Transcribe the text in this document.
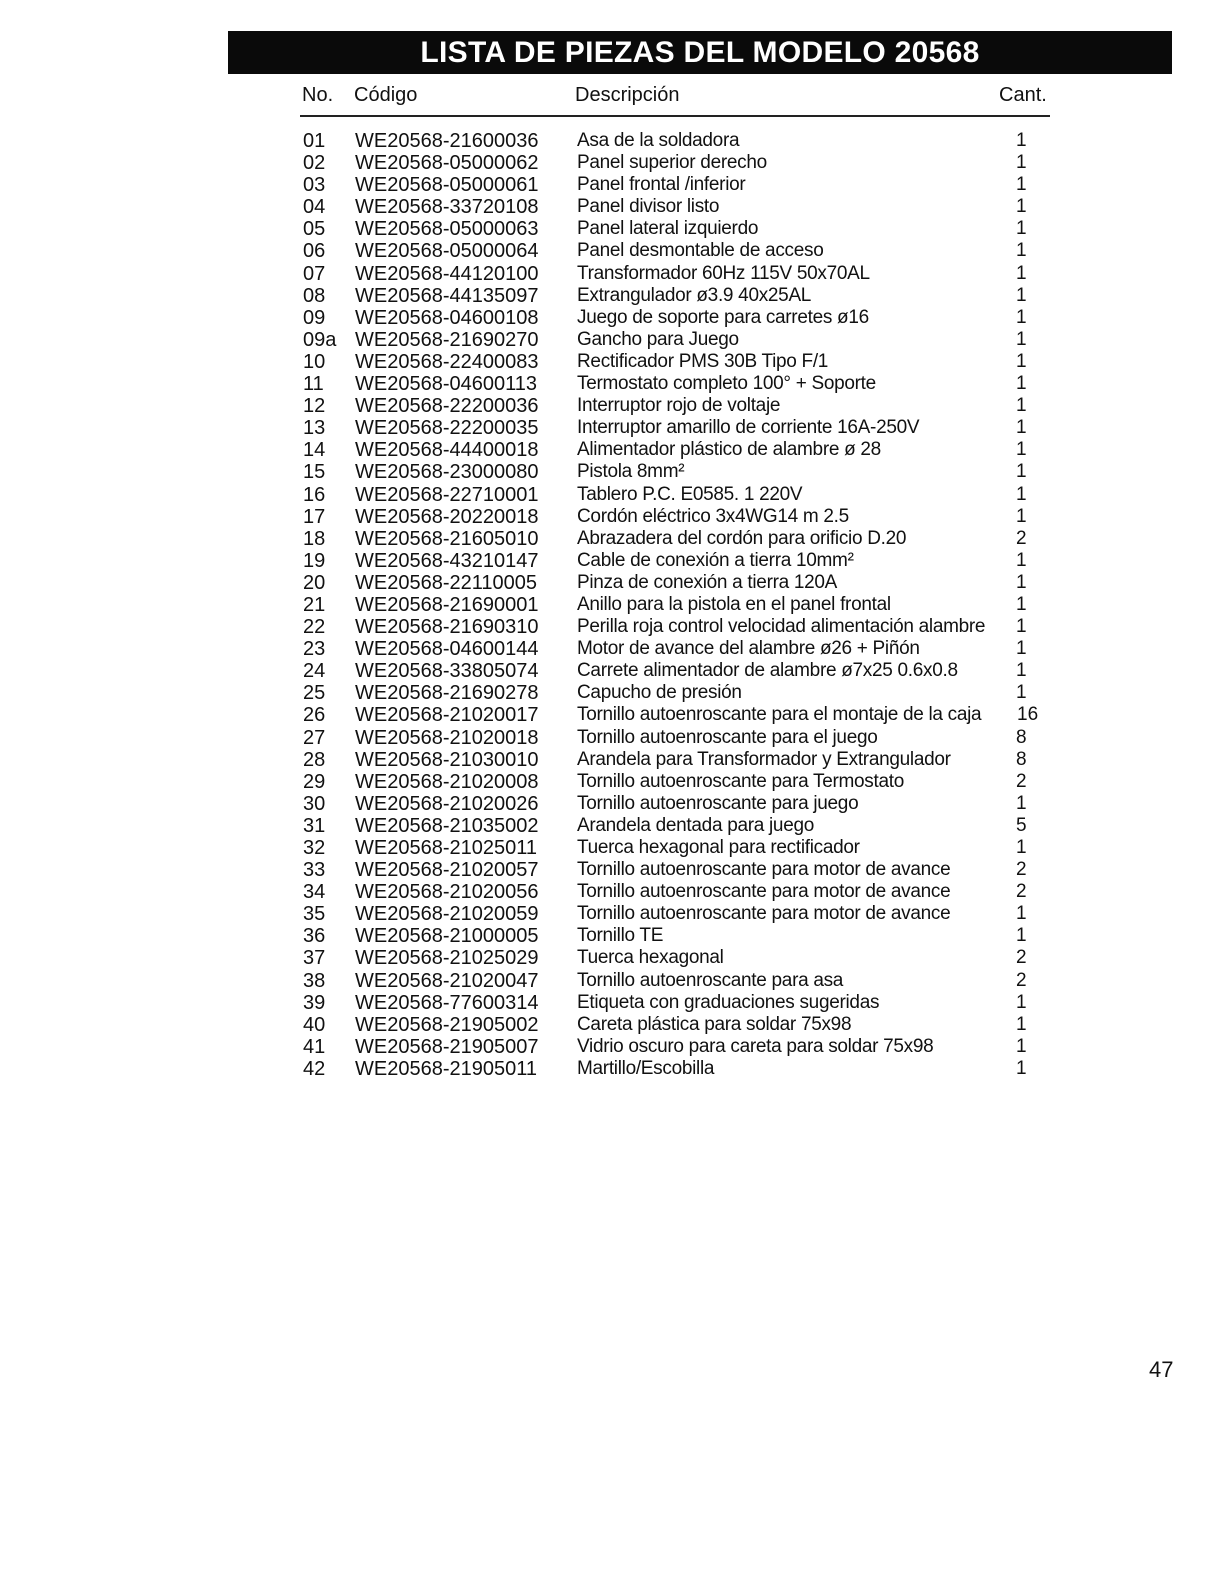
LISTA DE PIEZAS DEL MODELO 20568
No. Código	Descripción	Cant.
01 WE20568-21600036 Asa de la soldadora	1
02 WE20568-05000062 Panel superior derecho	1
03 WE20568-05000061 Panel frontal /inferior	1
04 WE20568-33720108 Panel divisor listo	1
05 WE20568-05000063 Panel lateral izquierdo	1
06 WE20568-05000064 Panel desmontable de acceso	1
07 WE20568-44120100 Transformador 60Hz 115V 50x70AL	1
08 WE20568-44135097 Extrangulador ø3.9 40x25AL	1
09 WE20568-04600108 Juego de soporte para carretes ø16	1
09a WE20568-21690270 Gancho para Juego	1
10 WE20568-22400083 Rectificador PMS 30B Tipo F/1	1
11 WE20568-04600113 Termostato completo 100° + Soporte	1
12 WE20568-22200036 Interruptor rojo de voltaje	1
13 WE20568-22200035 Interruptor amarillo de corriente 16A-250V	1
14 WE20568-44400018 Alimentador plástico de alambre ø 28	1
15 WE20568-23000080 Pistola 8mm²	1
16 WE20568-22710001 Tablero P.C. E0585. 1 220V	1
17 WE20568-20220018 Cordón eléctrico 3x4WG14 m 2.5	1
18 WE20568-21605010 Abrazadera del cordón para orificio D.20	2
19 WE20568-43210147 Cable de conexión a tierra 10mm²	1
20 WE20568-22110005 Pinza de conexión a tierra 120A	1
21 WE20568-21690001 Anillo para la pistola en el panel frontal	1
22 WE20568-21690310 Perilla roja control velocidad alimentación alambre 1
23 WE20568-04600144 Motor de avance del alambre ø26 + Piñón	1
24 WE20568-33805074 Carrete alimentador de alambre ø7x25 0.6x0.8	1
25 WE20568-21690278 Capucho de presión	1
26 WE20568-21020017 Tornillo autoenroscante para el montaje de la caja 16
27 WE20568-21020018 Tornillo autoenroscante para el juego	8
28 WE20568-21030010 Arandela para Transformador y Extrangulador	8
29 WE20568-21020008 Tornillo autoenroscante para Termostato	2
30 WE20568-21020026 Tornillo autoenroscante para juego	1
31 WE20568-21035002 Arandela dentada para juego	5
32 WE20568-21025011 Tuerca hexagonal para rectificador	1
33 WE20568-21020057 Tornillo autoenroscante para motor de avance	2
34 WE20568-21020056 Tornillo autoenroscante para motor de avance	2
35 WE20568-21020059 Tornillo autoenroscante para motor de avance	1
36 WE20568-21000005 Tornillo TE	1
37 WE20568-21025029 Tuerca hexagonal	2
38 WE20568-21020047 Tornillo autoenroscante para asa	2
39 WE20568-77600314 Etiqueta con graduaciones sugeridas	1
40 WE20568-21905002 Careta plástica para soldar 75x98	1
41 WE20568-21905007 Vidrio oscuro para careta para soldar 75x98	1
42 WE20568-21905011 Martillo/Escobilla	1
47
